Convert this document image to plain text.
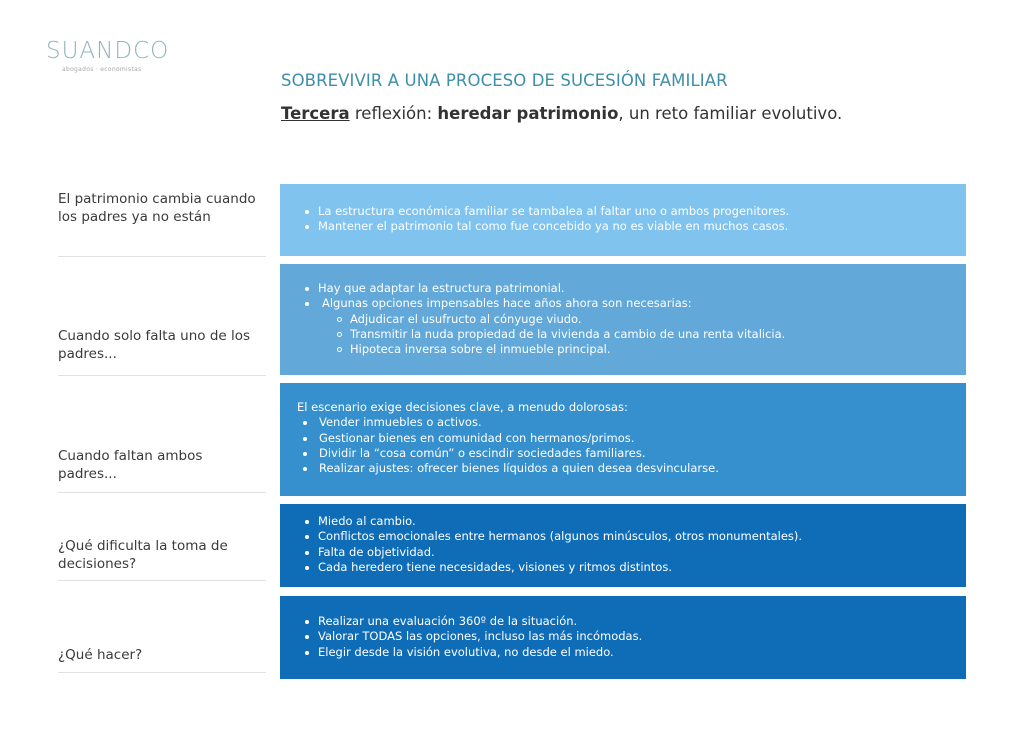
SUANDCO
abogados · economistas
SOBREVIVIR A UNA PROCESO DE SUCESIÓN FAMILIAR
Tercera reflexión: heredar patrimonio, un reto familiar evolutivo.
El patrimonio cambia cuando los padres ya no están	La estructura económica familiar se tambalea al faltar uno o ambos progenitores.
Mantener el patrimonio tal como fue concebido ya no es viable en muchos casos.
Cuando solo falta uno de los padres...
Hay que adaptar la estructura patrimonial.
Algunas opciones impensables hace años ahora son necesarias:
Adjudicar el usufructo al cónyuge viudo.
Transmitir la nuda propiedad de la vivienda a cambio de una renta vitalicia.
Hipoteca inversa sobre el inmueble principal.
Cuando faltan ambos padres...
El escenario exige decisiones clave, a menudo dolorosas:
Vender inmuebles o activos.
Gestionar bienes en comunidad con hermanos/primos.
Dividir la “cosa común” o escindir sociedades familiares.
Realizar ajustes: ofrecer bienes líquidos a quien desea desvincularse.
¿Qué dificulta la toma de decisiones?
Miedo al cambio.
Conflictos emocionales entre hermanos (algunos minúsculos, otros monumentales).
Falta de objetividad.
Cada heredero tiene necesidades, visiones y ritmos distintos.
¿Qué hacer?
Realizar una evaluación 360º de la situación.
Valorar TODAS las opciones, incluso las más incómodas.
Elegir desde la visión evolutiva, no desde el miedo.
